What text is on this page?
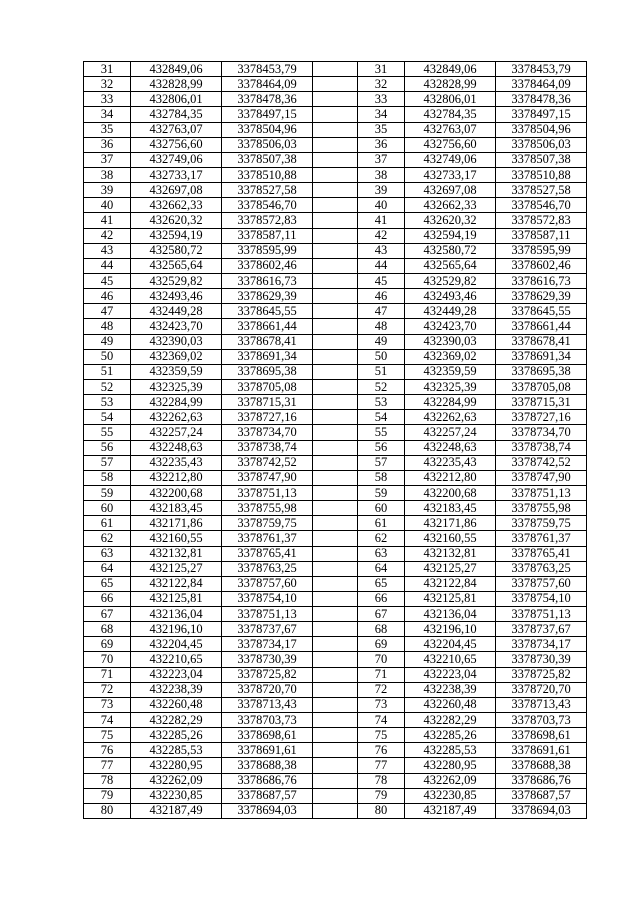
31	432849,06	3378453,79		31	432849,06	3378453,79
32	432828,99	3378464,09		32	432828,99	3378464,09
33	432806,01	3378478,36		33	432806,01	3378478,36
34	432784,35	3378497,15		34	432784,35	3378497,15
35	432763,07	3378504,96		35	432763,07	3378504,96
36	432756,60	3378506,03		36	432756,60	3378506,03
37	432749,06	3378507,38		37	432749,06	3378507,38
38	432733,17	3378510,88		38	432733,17	3378510,88
39	432697,08	3378527,58		39	432697,08	3378527,58
40	432662,33	3378546,70		40	432662,33	3378546,70
41	432620,32	3378572,83		41	432620,32	3378572,83
42	432594,19	3378587,11		42	432594,19	3378587,11
43	432580,72	3378595,99		43	432580,72	3378595,99
44	432565,64	3378602,46		44	432565,64	3378602,46
45	432529,82	3378616,73		45	432529,82	3378616,73
46	432493,46	3378629,39		46	432493,46	3378629,39
47	432449,28	3378645,55		47	432449,28	3378645,55
48	432423,70	3378661,44		48	432423,70	3378661,44
49	432390,03	3378678,41		49	432390,03	3378678,41
50	432369,02	3378691,34		50	432369,02	3378691,34
51	432359,59	3378695,38		51	432359,59	3378695,38
52	432325,39	3378705,08		52	432325,39	3378705,08
53	432284,99	3378715,31		53	432284,99	3378715,31
54	432262,63	3378727,16		54	432262,63	3378727,16
55	432257,24	3378734,70		55	432257,24	3378734,70
56	432248,63	3378738,74		56	432248,63	3378738,74
57	432235,43	3378742,52		57	432235,43	3378742,52
58	432212,80	3378747,90		58	432212,80	3378747,90
59	432200,68	3378751,13		59	432200,68	3378751,13
60	432183,45	3378755,98		60	432183,45	3378755,98
61	432171,86	3378759,75		61	432171,86	3378759,75
62	432160,55	3378761,37		62	432160,55	3378761,37
63	432132,81	3378765,41		63	432132,81	3378765,41
64	432125,27	3378763,25		64	432125,27	3378763,25
65	432122,84	3378757,60		65	432122,84	3378757,60
66	432125,81	3378754,10		66	432125,81	3378754,10
67	432136,04	3378751,13		67	432136,04	3378751,13
68	432196,10	3378737,67		68	432196,10	3378737,67
69	432204,45	3378734,17		69	432204,45	3378734,17
70	432210,65	3378730,39		70	432210,65	3378730,39
71	432223,04	3378725,82		71	432223,04	3378725,82
72	432238,39	3378720,70		72	432238,39	3378720,70
73	432260,48	3378713,43		73	432260,48	3378713,43
74	432282,29	3378703,73		74	432282,29	3378703,73
75	432285,26	3378698,61		75	432285,26	3378698,61
76	432285,53	3378691,61		76	432285,53	3378691,61
77	432280,95	3378688,38		77	432280,95	3378688,38
78	432262,09	3378686,76		78	432262,09	3378686,76
79	432230,85	3378687,57		79	432230,85	3378687,57
80	432187,49	3378694,03		80	432187,49	3378694,03
